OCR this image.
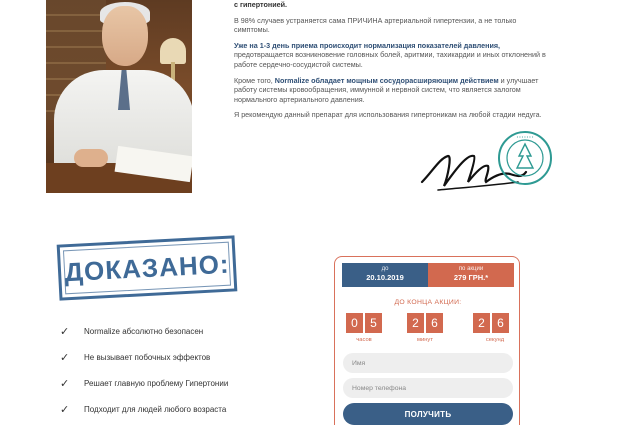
с гипертонией.

В 98% случаев устраняется сама ПРИЧИНА артериальной гипертензии, а не только симптомы.

Уже на 1-3 день приема происходит нормализация показателей давления, предотвращается возникновение головных болей, аритмии, тахикардии и иных отклонений в работе сердечно-сосудистой системы.

Кроме того, Normalize обладает мощным сосудорасширяющим действием и улучшает работу системы кровообращения, иммунной и нервной систем, что является залогом нормального артериального давления.

Я рекомендую данный препарат для использования гипертоникам на любой стадии недуга.

• • • • • • •
ДОКАЗАНО:
✓	Normalize абсолютно безопасен
✓	Не вызывает побочных эффектов
✓	Решает главную проблему Гипертонии
✓	Подходит для людей любого возраста
до
20.10.2019
по акции
279 ГРН.*
ДО КОНЦА АКЦИИ:
0	5	2	6	2	6
часов	минут	секунд
Имя
Номер телефона
ПОЛУЧИТЬ
